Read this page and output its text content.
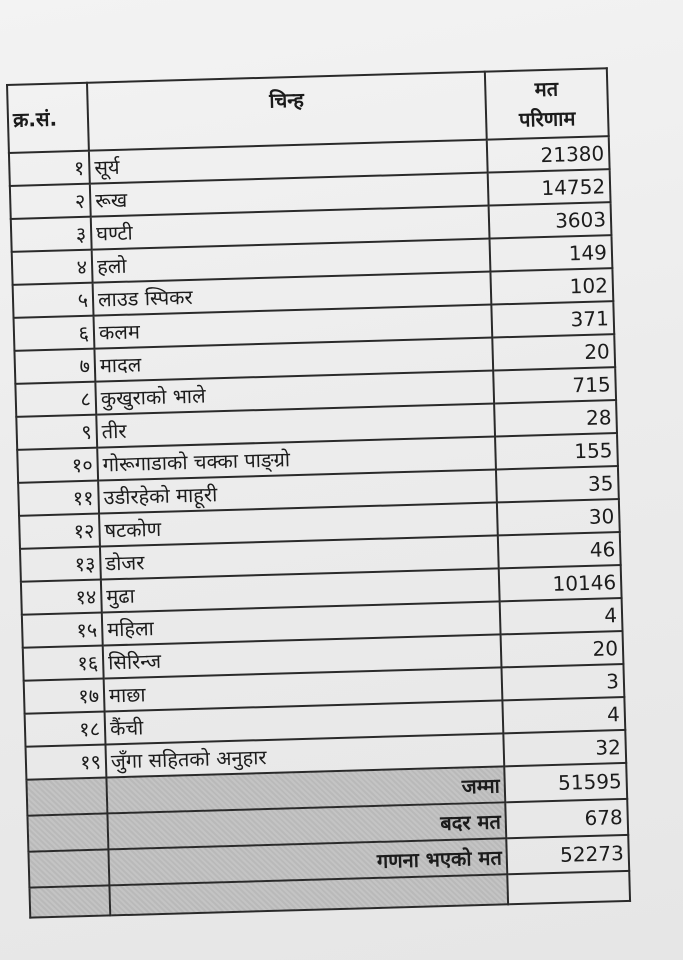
क्र.सं.	चिन्ह	मत
परिणाम

१	सूर्य	21380
२	रूख	14752
३	घण्टी	3603
४	हलो	149
५	लाउड स्पिकर	102
६	कलम	371
७	मादल	20
८	कुखुराको भाले	715
९	तीर	28
१०	गोरूगाडाको चक्का पाङ्ग्रो	155
११	उडीरहेको माहूरी	35
१२	षटकोण	30
१३	डोजर	46
१४	मुढा	10146
१५	महिला	4
१६	सिरिन्ज	20
१७	माछा	3
१८	कैंची	4
१९	जुँगा सहितको अनुहार	32
	जम्मा	51595
	बदर मत	678
	गणना भएको मत	52273
